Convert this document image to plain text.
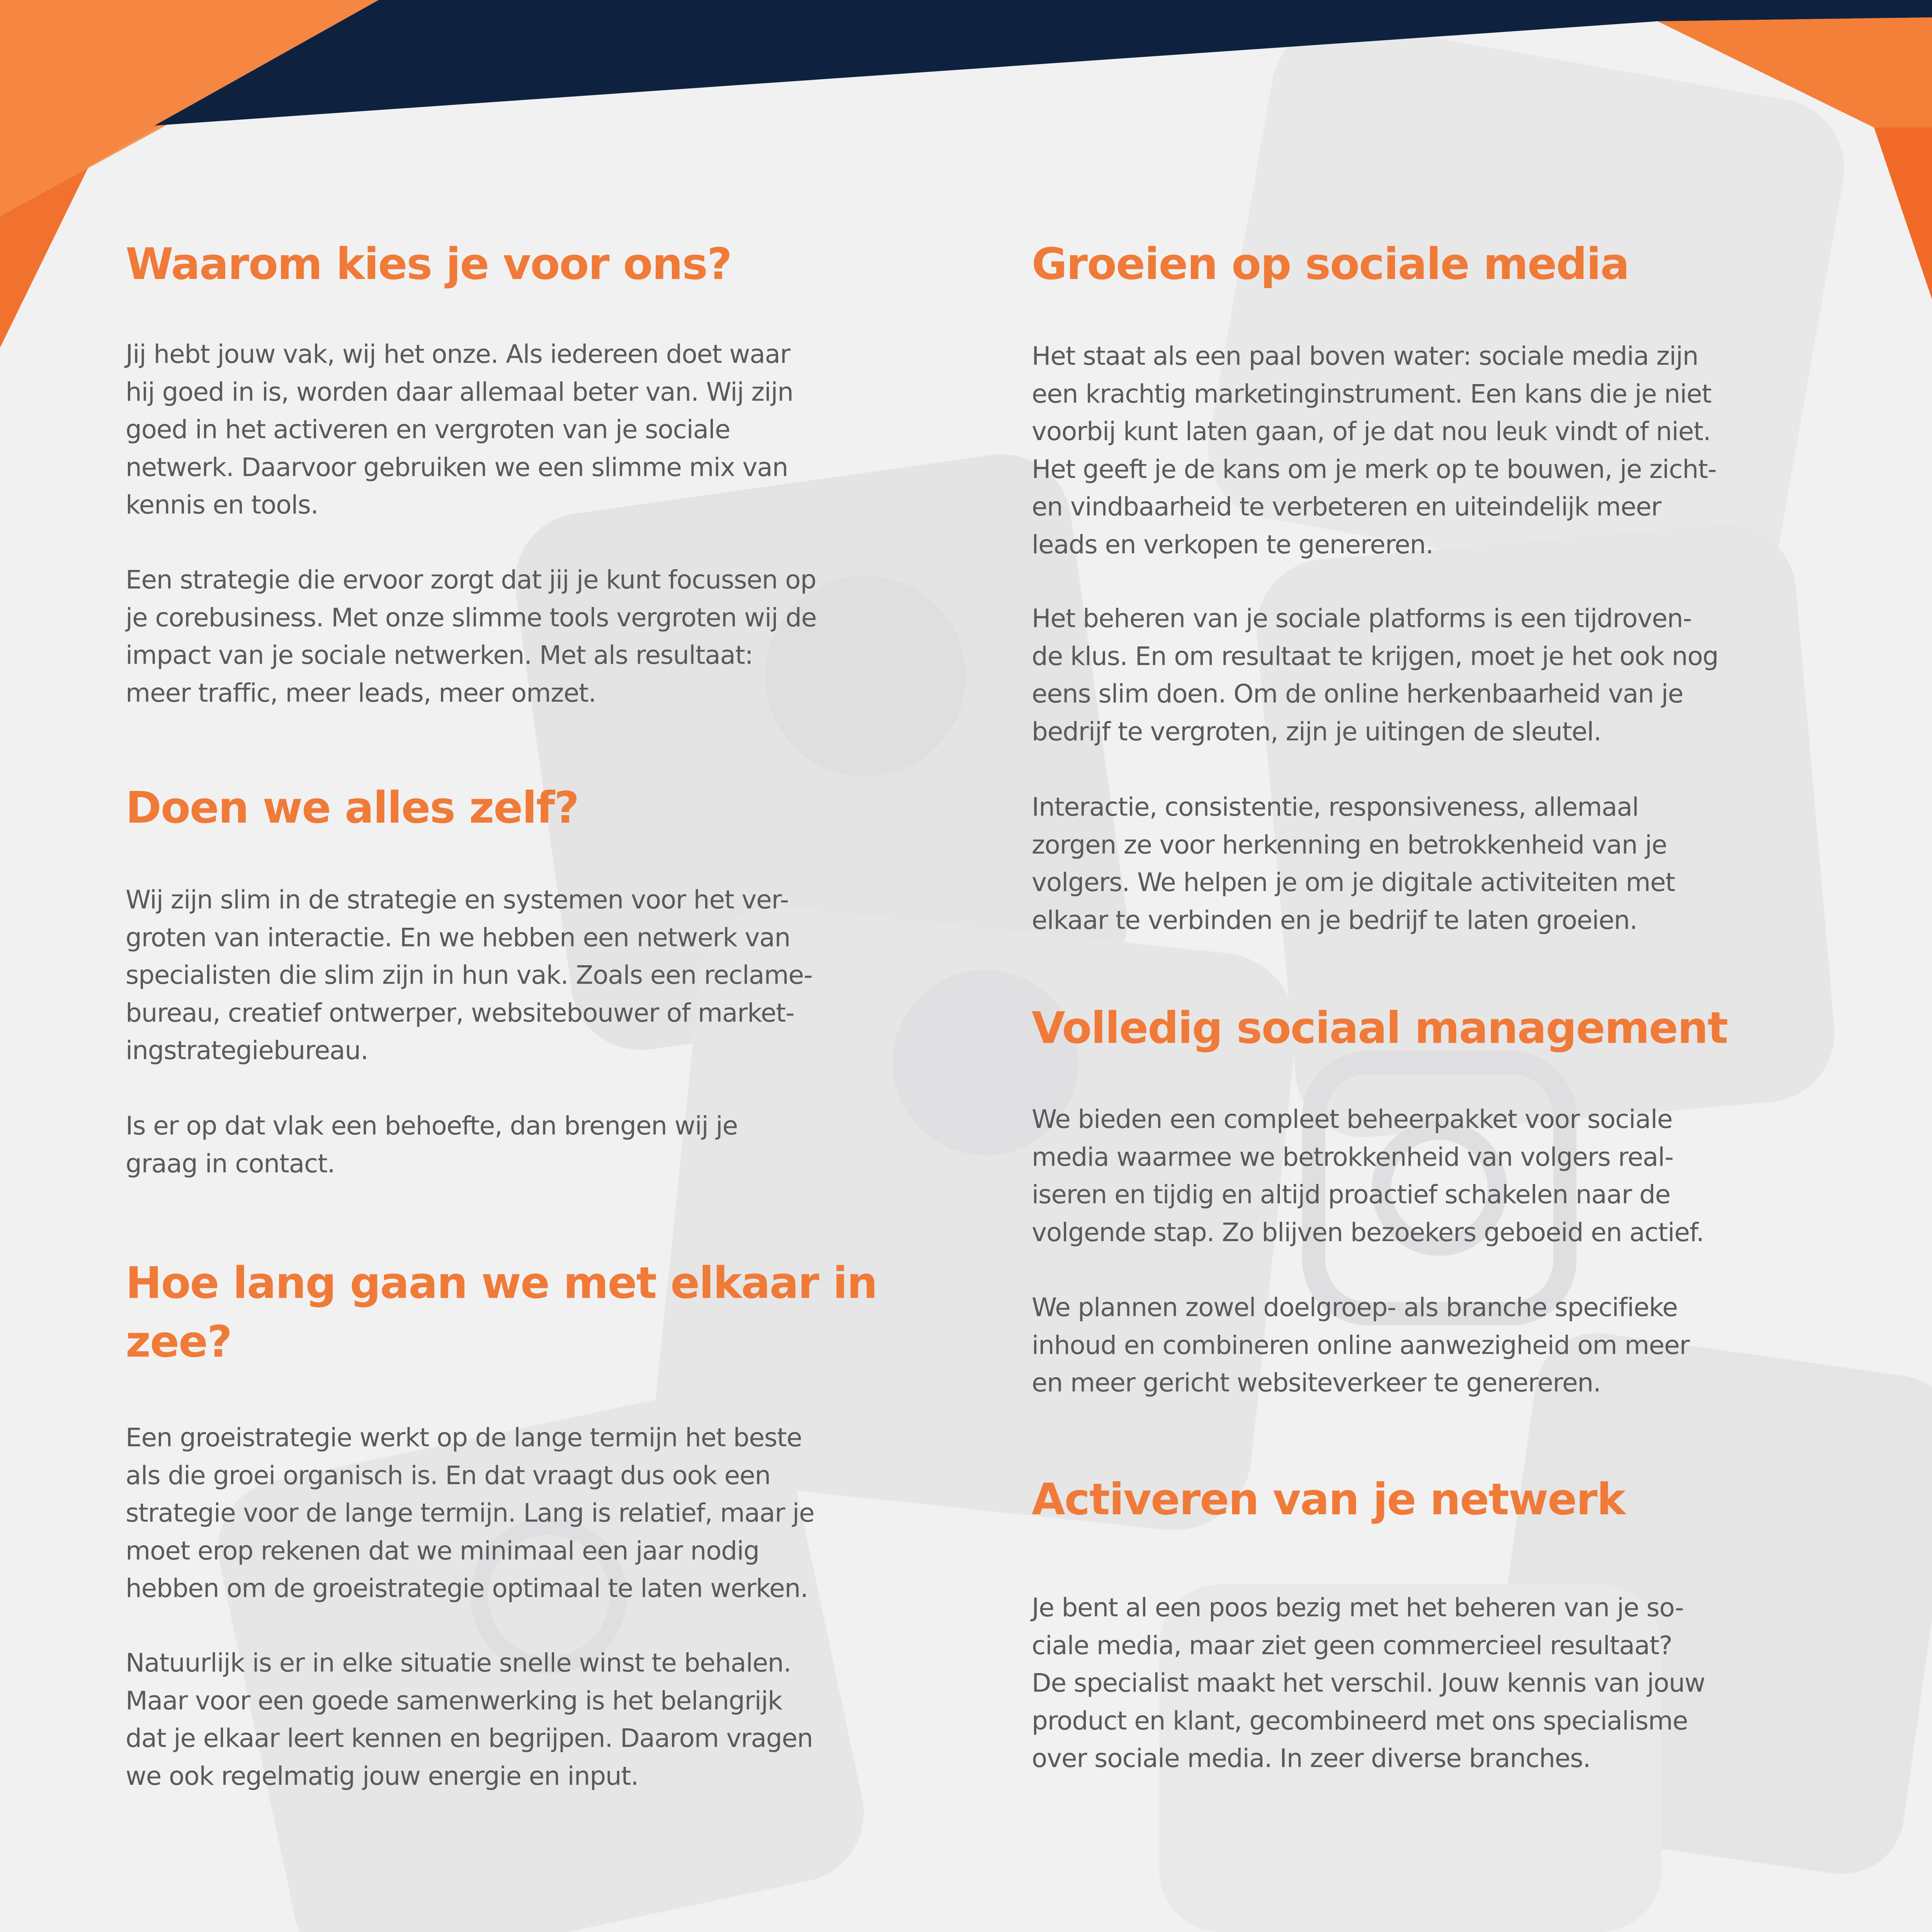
Waarom kies je voor ons?

Jij hebt jouw vak, wij het onze. Als iedereen doet waar
hij goed in is, worden daar allemaal beter van. Wij zijn
goed in het activeren en vergroten van je sociale
netwerk. Daarvoor gebruiken we een slimme mix van
kennis en tools.

Een strategie die ervoor zorgt dat jij je kunt focussen op
je corebusiness. Met onze slimme tools vergroten wij de
impact van je sociale netwerken. Met als resultaat:
meer traffic, meer leads, meer omzet.

Doen we alles zelf?

Wij zijn slim in de strategie en systemen voor het ver-
groten van interactie. En we hebben een netwerk van
specialisten die slim zijn in hun vak. Zoals een reclame-
bureau, creatief ontwerper, websitebouwer of market-
ingstrategiebureau.

Is er op dat vlak een behoefte, dan brengen wij je
graag in contact.

Hoe lang gaan we met elkaar in
zee?

Een groeistrategie werkt op de lange termijn het beste
als die groei organisch is. En dat vraagt dus ook een
strategie voor de lange termijn. Lang is relatief, maar je
moet erop rekenen dat we minimaal een jaar nodig
hebben om de groeistrategie optimaal te laten werken.

Natuurlijk is er in elke situatie snelle winst te behalen.
Maar voor een goede samenwerking is het belangrijk
dat je elkaar leert kennen en begrijpen. Daarom vragen
we ook regelmatig jouw energie en input.

Groeien op sociale media

Het staat als een paal boven water: sociale media zijn
een krachtig marketinginstrument. Een kans die je niet
voorbij kunt laten gaan, of je dat nou leuk vindt of niet.
Het geeft je de kans om je merk op te bouwen, je zicht-
en vindbaarheid te verbeteren en uiteindelijk meer
leads en verkopen te genereren.

Het beheren van je sociale platforms is een tijdroven-
de klus. En om resultaat te krijgen, moet je het ook nog
eens slim doen. Om de online herkenbaarheid van je
bedrijf te vergroten, zijn je uitingen de sleutel.

Interactie, consistentie, responsiveness, allemaal
zorgen ze voor herkenning en betrokkenheid van je
volgers. We helpen je om je digitale activiteiten met
elkaar te verbinden en je bedrijf te laten groeien.

Volledig sociaal management

We bieden een compleet beheerpakket voor sociale
media waarmee we betrokkenheid van volgers real-
iseren en tijdig en altijd proactief schakelen naar de
volgende stap. Zo blijven bezoekers geboeid en actief.

We plannen zowel doelgroep- als branche specifieke
inhoud en combineren online aanwezigheid om meer
en meer gericht websiteverkeer te genereren.

Activeren van je netwerk

Je bent al een poos bezig met het beheren van je so-
ciale media, maar ziet geen commercieel resultaat?
De specialist maakt het verschil. Jouw kennis van jouw
product en klant, gecombineerd met ons specialisme
over sociale media. In zeer diverse branches.
